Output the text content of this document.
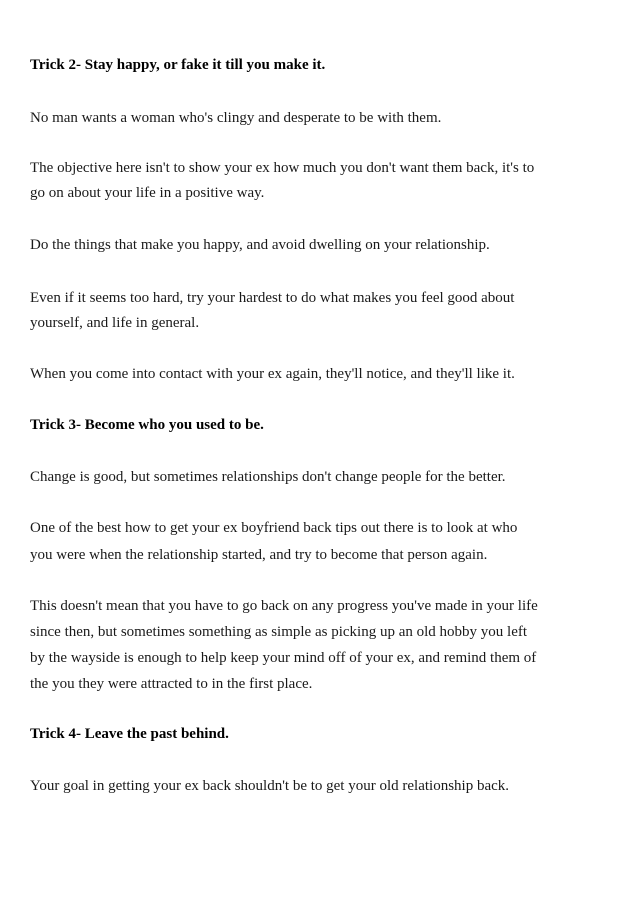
Trick 2- Stay happy, or fake it till you make it.

No man wants a woman who's clingy and desperate to be with them.

The objective here isn't to show your ex how much you don't want them back, it's to

go on about your life in a positive way.

Do the things that make you happy, and avoid dwelling on your relationship.

Even if it seems too hard, try your hardest to do what makes you feel good about

yourself, and life in general.

When you come into contact with your ex again, they'll notice, and they'll like it.

Trick 3- Become who you used to be.

Change is good, but sometimes relationships don't change people for the better.

One of the best how to get your ex boyfriend back tips out there is to look at who

you were when the relationship started, and try to become that person again.

This doesn't mean that you have to go back on any progress you've made in your life

since then, but sometimes something as simple as picking up an old hobby you left

by the wayside is enough to help keep your mind off of your ex, and remind them of

the you they were attracted to in the first place.

Trick 4- Leave the past behind.

Your goal in getting your ex back shouldn't be to get your old relationship back.
